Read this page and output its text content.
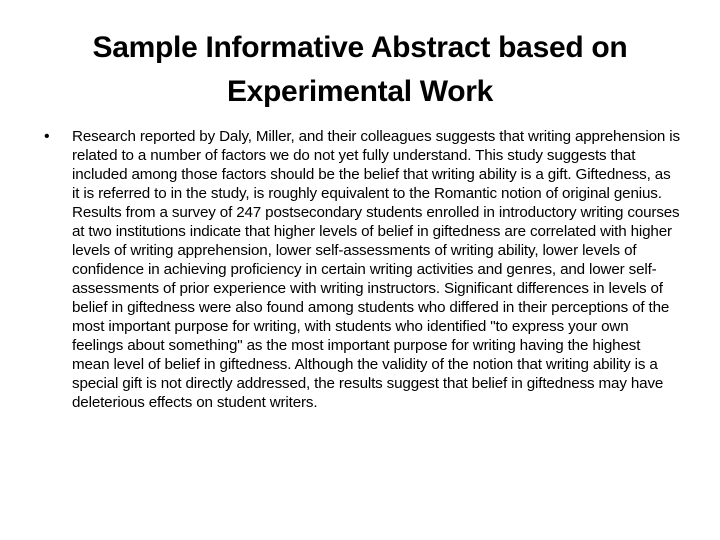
Sample Informative Abstract based on Experimental Work
• Research reported by Daly, Miller, and their colleagues suggests that writing apprehension is related to a number of factors we do not yet fully understand. This study suggests that included among those factors should be the belief that writing ability is a gift. Giftedness, as it is referred to in the study, is roughly equivalent to the Romantic notion of original genius. Results from a survey of 247 postsecondary students enrolled in introductory writing courses at two institutions indicate that higher levels of belief in giftedness are correlated with higher levels of writing apprehension, lower self-assessments of writing ability, lower levels of confidence in achieving proficiency in certain writing activities and genres, and lower self-assessments of prior experience with writing instructors. Significant differences in levels of belief in giftedness were also found among students who differed in their perceptions of the most important purpose for writing, with students who identified "to express your own feelings about something" as the most important purpose for writing having the highest mean level of belief in giftedness. Although the validity of the notion that writing ability is a special gift is not directly addressed, the results suggest that belief in giftedness may have deleterious effects on student writers.
